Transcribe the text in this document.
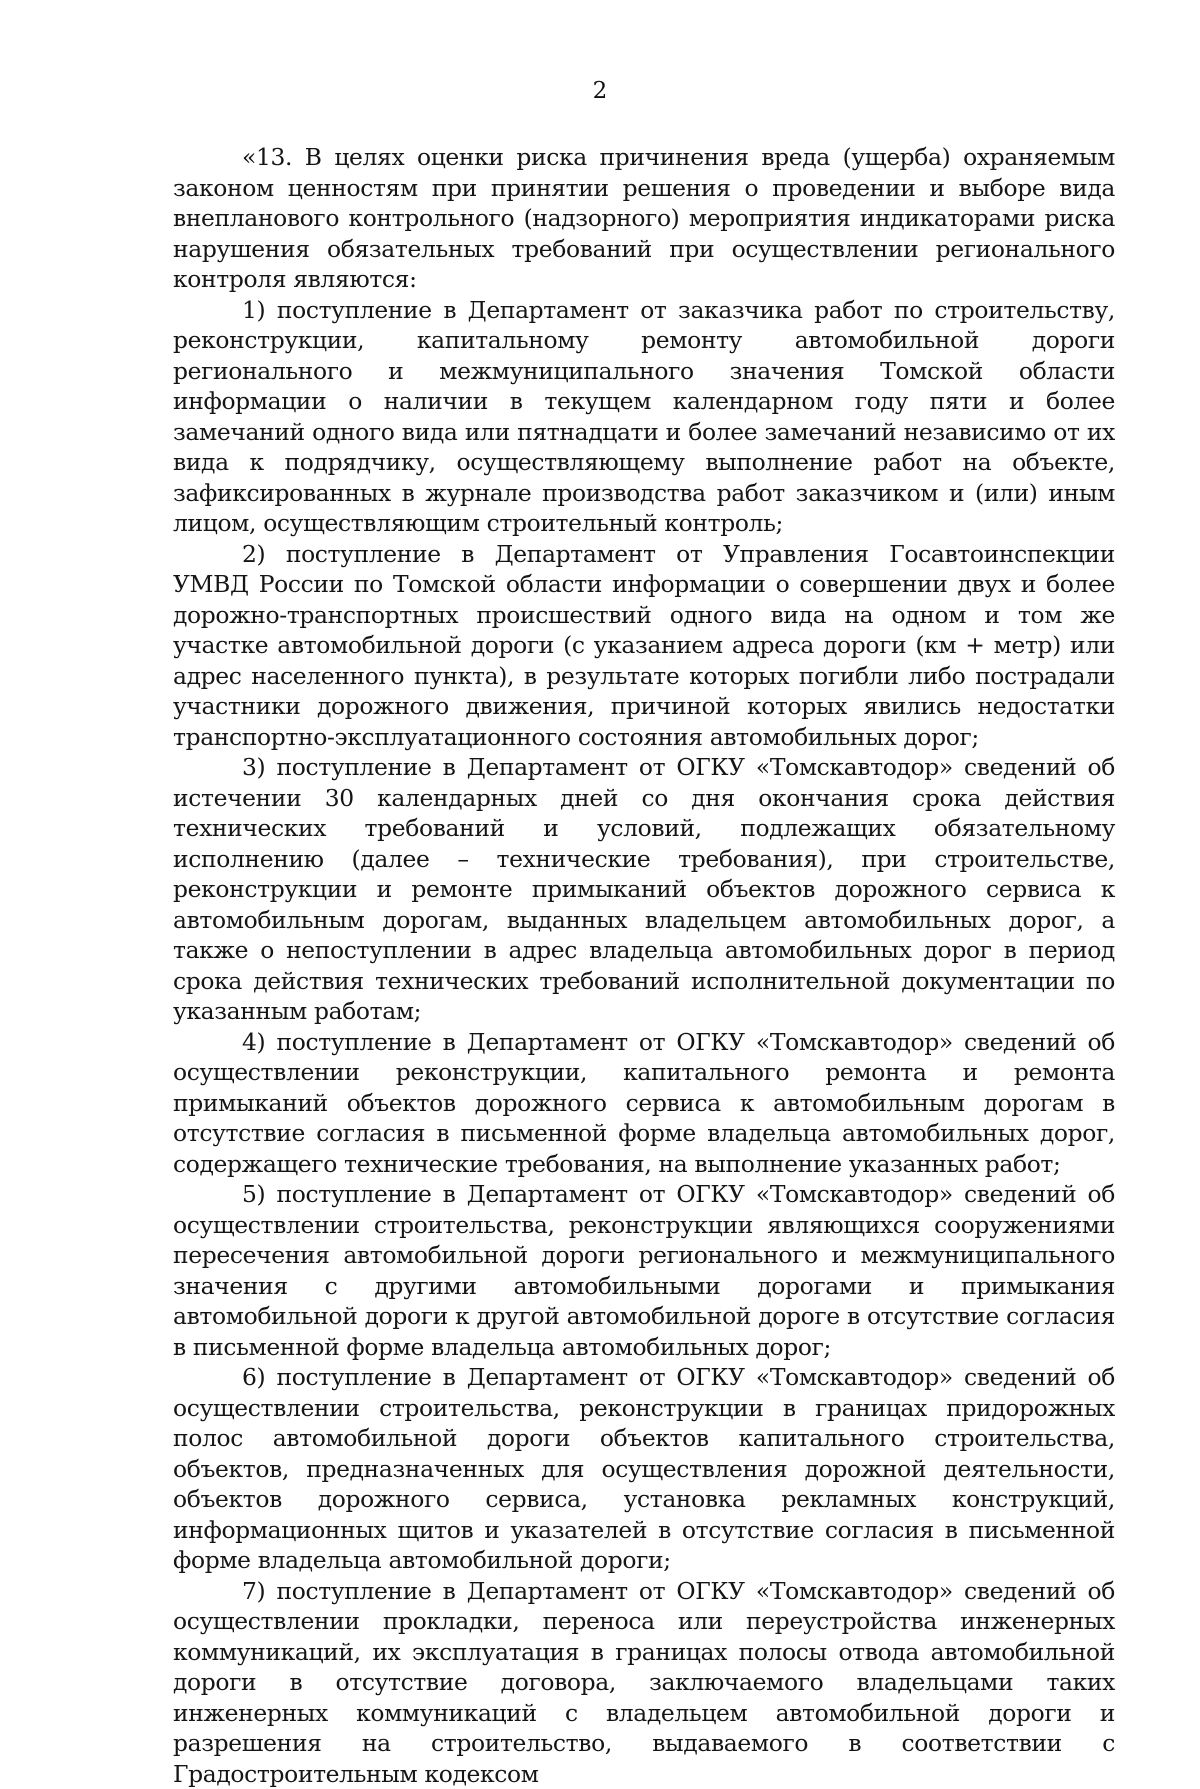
2

«13. В целях оценки риска причинения вреда (ущерба) охраняемым законом ценностям при принятии решения о проведении и выборе вида внепланового контрольного (надзорного) мероприятия индикаторами риска нарушения обязательных требований при осуществлении регионального контроля являются:

1) поступление в Департамент от заказчика работ по строительству, реконструкции, капитальному ремонту автомобильной дороги регионального и межмуниципального значения Томской области информации о наличии в текущем календарном году пяти и более замечаний одного вида или пятнадцати и более замечаний независимо от их вида к подрядчику, осуществляющему выполнение работ на объекте, зафиксированных в журнале производства работ заказчиком и (или) иным лицом, осуществляющим строительный контроль;

2) поступление в Департамент от Управления Госавтоинспекции УМВД России по Томской области информации о совершении двух и более дорожно-транспортных происшествий одного вида на одном и том же участке автомобильной дороги (с указанием адреса дороги (км + метр) или адрес населенного пункта), в результате которых погибли либо пострадали участники дорожного движения, причиной которых явились недостатки транспортно-эксплуатационного состояния автомобильных дорог;

3) поступление в Департамент от ОГКУ «Томскавтодор» сведений об истечении 30 календарных дней со дня окончания срока действия технических требований и условий, подлежащих обязательному исполнению (далее – технические требования), при строительстве, реконструкции и ремонте примыканий объектов дорожного сервиса к автомобильным дорогам, выданных владельцем автомобильных дорог, а также о непоступлении в адрес владельца автомобильных дорог в период срока действия технических требований исполнительной документации по указанным работам;

4) поступление в Департамент от ОГКУ «Томскавтодор» сведений об осуществлении реконструкции, капитального ремонта и ремонта примыканий объектов дорожного сервиса к автомобильным дорогам в отсутствие согласия в письменной форме владельца автомобильных дорог, содержащего технические требования, на выполнение указанных работ;

5) поступление в Департамент от ОГКУ «Томскавтодор» сведений об осуществлении строительства, реконструкции являющихся сооружениями пересечения автомобильной дороги регионального и межмуниципального значения с другими автомобильными дорогами и примыкания автомобильной дороги к другой автомобильной дороге в отсутствие согласия в письменной форме владельца автомобильных дорог;

6) поступление в Департамент от ОГКУ «Томскавтодор» сведений об осуществлении строительства, реконструкции в границах придорожных полос автомобильной дороги объектов капитального строительства, объектов, предназначенных для осуществления дорожной деятельности, объектов дорожного сервиса, установка рекламных конструкций, информационных щитов и указателей в отсутствие согласия в письменной форме владельца автомобильной дороги;

7) поступление в Департамент от ОГКУ «Томскавтодор» сведений об осуществлении прокладки, переноса или переустройства инженерных коммуникаций, их эксплуатация в границах полосы отвода автомобильной дороги в отсутствие договора, заключаемого владельцами таких инженерных коммуникаций с владельцем автомобильной дороги и разрешения на строительство, выдаваемого в соответствии с Градостроительным кодексом
